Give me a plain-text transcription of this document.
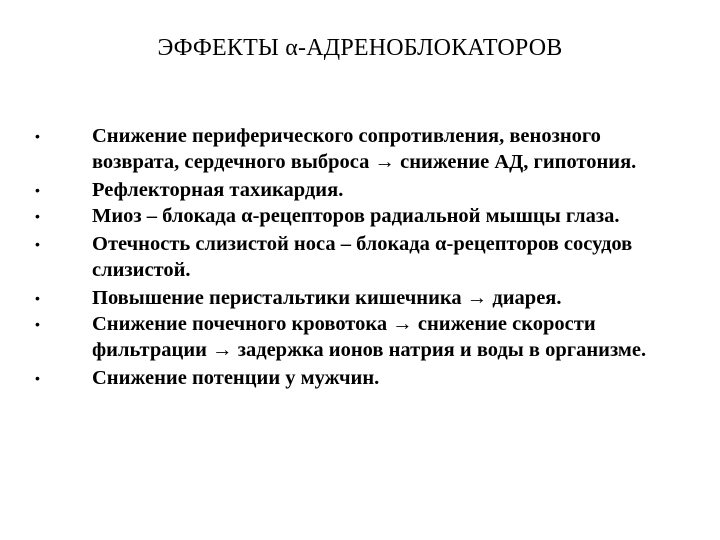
ЭФФЕКТЫ α-АДРЕНОБЛОКАТОРОВ
•	Снижение периферического сопротивления, венозного возврата, сердечного выброса → снижение АД, гипотония.
•	Рефлекторная тахикардия.
•	Миоз – блокада α-рецепторов радиальной мышцы глаза.
•	Отечность слизистой носа – блокада α-рецепторов сосудов слизистой.
•	Повышение перистальтики кишечника → диарея.
•	Снижение почечного кровотока → снижение скорости фильтрации → задержка ионов натрия и воды в организме.
•	Снижение потенции у мужчин.
